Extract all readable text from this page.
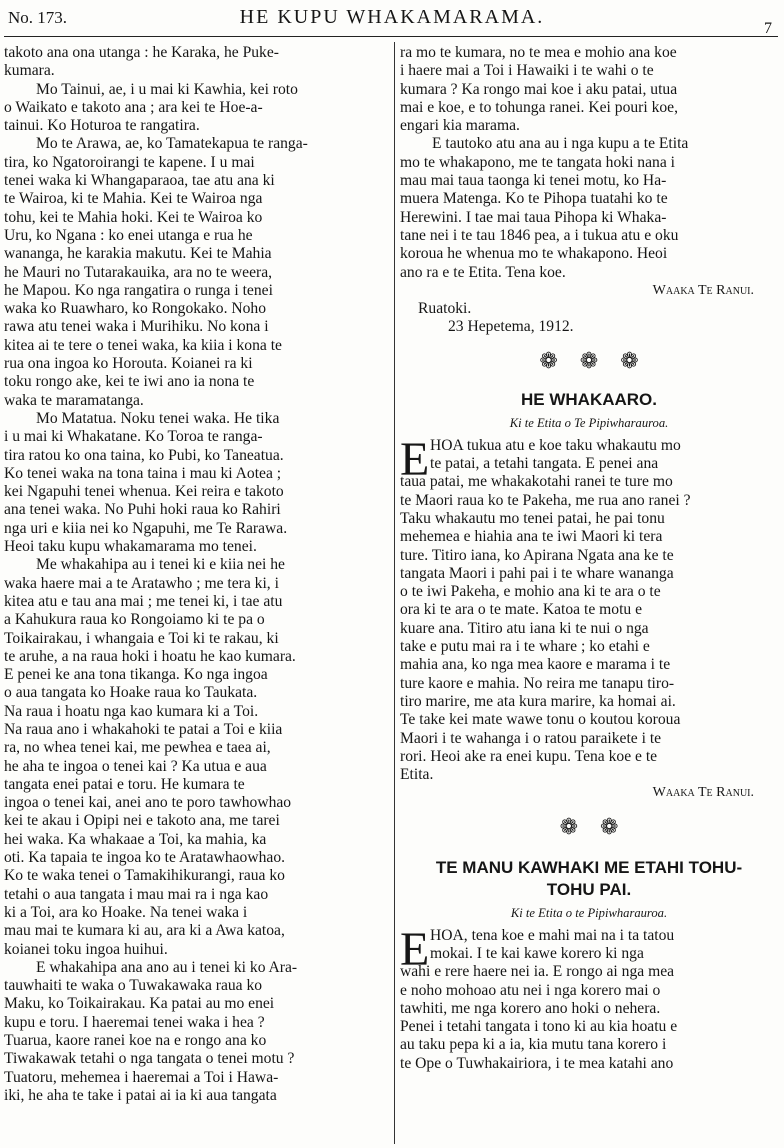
No. 173.	HE KUPU WHAKAMARAMA.
7
takoto ana ona utanga : he Karaka, he Puke-
kumara.
Mo Tainui, ae, i u mai ki Kawhia, kei roto
o Waikato e takoto ana ; ara kei te Hoe-a-
tainui. Ko Hoturoa te rangatira.
Mo te Arawa, ae, ko Tamatekapua te ranga-
tira, ko Ngatoroirangi te kapene. I u mai
tenei waka ki Whangaparaoa, tae atu ana ki
te Wairoa, ki te Mahia. Kei te Wairoa nga
tohu, kei te Mahia hoki. Kei te Wairoa ko
Uru, ko Ngana : ko enei utanga e rua he
wananga, he karakia makutu. Kei te Mahia
he Mauri no Tutarakauika, ara no te weera,
he Mapou. Ko nga rangatira o runga i tenei
waka ko Ruawharo, ko Rongokako. Noho
rawa atu tenei waka i Murihiku. No kona i
kitea ai te tere o tenei waka, ka kiia i kona te
rua ona ingoa ko Horouta. Koianei ra ki
toku rongo ake, kei te iwi ano ia nona te
waka te maramatanga.
Mo Matatua. Noku tenei waka. He tika
i u mai ki Whakatane. Ko Toroa te ranga-
tira ratou ko ona taina, ko Pubi, ko Taneatua.
Ko tenei waka na tona taina i mau ki Aotea ;
kei Ngapuhi tenei whenua. Kei reira e takoto
ana tenei waka. No Puhi hoki raua ko Rahiri
nga uri e kiia nei ko Ngapuhi, me Te Rarawa.
Heoi taku kupu whakamarama mo tenei.
Me whakahipa au i tenei ki e kiia nei he
waka haere mai a te Aratawho ; me tera ki, i
kitea atu e tau ana mai ; me tenei ki, i tae atu
a Kahukura raua ko Rongoiamo ki te pa o
Toikairakau, i whangaia e Toi ki te rakau, ki
te aruhe, a na raua hoki i hoatu he kao kumara.
E penei ke ana tona tikanga. Ko nga ingoa
o aua tangata ko Hoake raua ko Taukata.
Na raua i hoatu nga kao kumara ki a Toi.
Na raua ano i whakahoki te patai a Toi e kiia
ra, no whea tenei kai, me pewhea e taea ai,
he aha te ingoa o tenei kai ? Ka utua e aua
tangata enei patai e toru. He kumara te
ingoa o tenei kai, anei ano te poro tawhowhao
kei te akau i Opipi nei e takoto ana, me tarei
hei waka. Ka whakaae a Toi, ka mahia, ka
oti. Ka tapaia te ingoa ko te Aratawhaowhao.
Ko te waka tenei o Tamakihikurangi, raua ko
tetahi o aua tangata i mau mai ra i nga kao
ki a Toi, ara ko Hoake. Na tenei waka i
mau mai te kumara ki au, ara ki a Awa katoa,
koianei toku ingoa huihui.
E whakahipa ana ano au i tenei ki ko Ara-
tauwhaiti te waka o Tuwakawaka raua ko
Maku, ko Toikairakau. Ka patai au mo enei
kupu e toru. I haeremai tenei waka i hea ?
Tuarua, kaore ranei koe na e rongo ana ko
Tiwakawak tetahi o nga tangata o tenei motu ?
Tuatoru, mehemea i haeremai a Toi i Hawa-
iki, he aha te take i patai ai ia ki aua tangata
ra mo te kumara, no te mea e mohio ana koe
i haere mai a Toi i Hawaiki i te wahi o te
kumara ? Ka rongo mai koe i aku patai, utua
mai e koe, e to tohunga ranei. Kei pouri koe,
engari kia marama.
E tautoko atu ana au i nga kupu a te Etita
mo te whakapono, me te tangata hoki nana i
mau mai taua taonga ki tenei motu, ko Ha-
muera Matenga. Ko te Pihopa tuatahi ko te
Herewini. I tae mai taua Pihopa ki Whaka-
tane nei i te tau 1846 pea, a i tukua atu e oku
koroua he whenua mo te whakapono. Heoi
ano ra e te Etita. Tena koe.
Waaka Te Ranui.
Ruatoki.
23 Hepetema, 1912.
❁ ❁ ❁
HE WHAKAARO.
Ki te Etita o Te Pipiwharauroa.
E HOA tukua atu e koe taku whakautu mo
te patai, a tetahi tangata. E penei ana
taua patai, me whakakotahi ranei te ture mo
te Maori raua ko te Pakeha, me rua ano ranei ?
Taku whakautu mo tenei patai, he pai tonu
mehemea e hiahia ana te iwi Maori ki tera
ture. Titiro iana, ko Apirana Ngata ana ke te
tangata Maori i pahi pai i te whare wananga
o te iwi Pakeha, e mohio ana ki te ara o te
ora ki te ara o te mate. Katoa te motu e
kuare ana. Titiro atu iana ki te nui o nga
take e putu mai ra i te whare ; ko etahi e
mahia ana, ko nga mea kaore e marama i te
ture kaore e mahia. No reira me tanapu tiro-
tiro marire, me ata kura marire, ka homai ai.
Te take kei mate wawe tonu o koutou koroua
Maori i te wahanga i o ratou paraikete i te
rori. Heoi ake ra enei kupu. Tena koe e te
Etita.
Waaka Te Ranui.
❁ ❁
TE MANU KAWHAKI ME ETAHI TOHU-
TOHU PAI.
Ki te Etita o te Pipiwharauroa.
E HOA, tena koe e mahi mai na i ta tatou
mokai. I te kai kawe korero ki nga
wahi e rere haere nei ia. E rongo ai nga mea
e noho mohoao atu nei i nga korero mai o
tawhiti, me nga korero ano hoki o nehera.
Penei i tetahi tangata i tono ki au kia hoatu e
au taku pepa ki a ia, kia mutu tana korero i
te Ope o Tuwhakairiora, i te mea katahi ano
